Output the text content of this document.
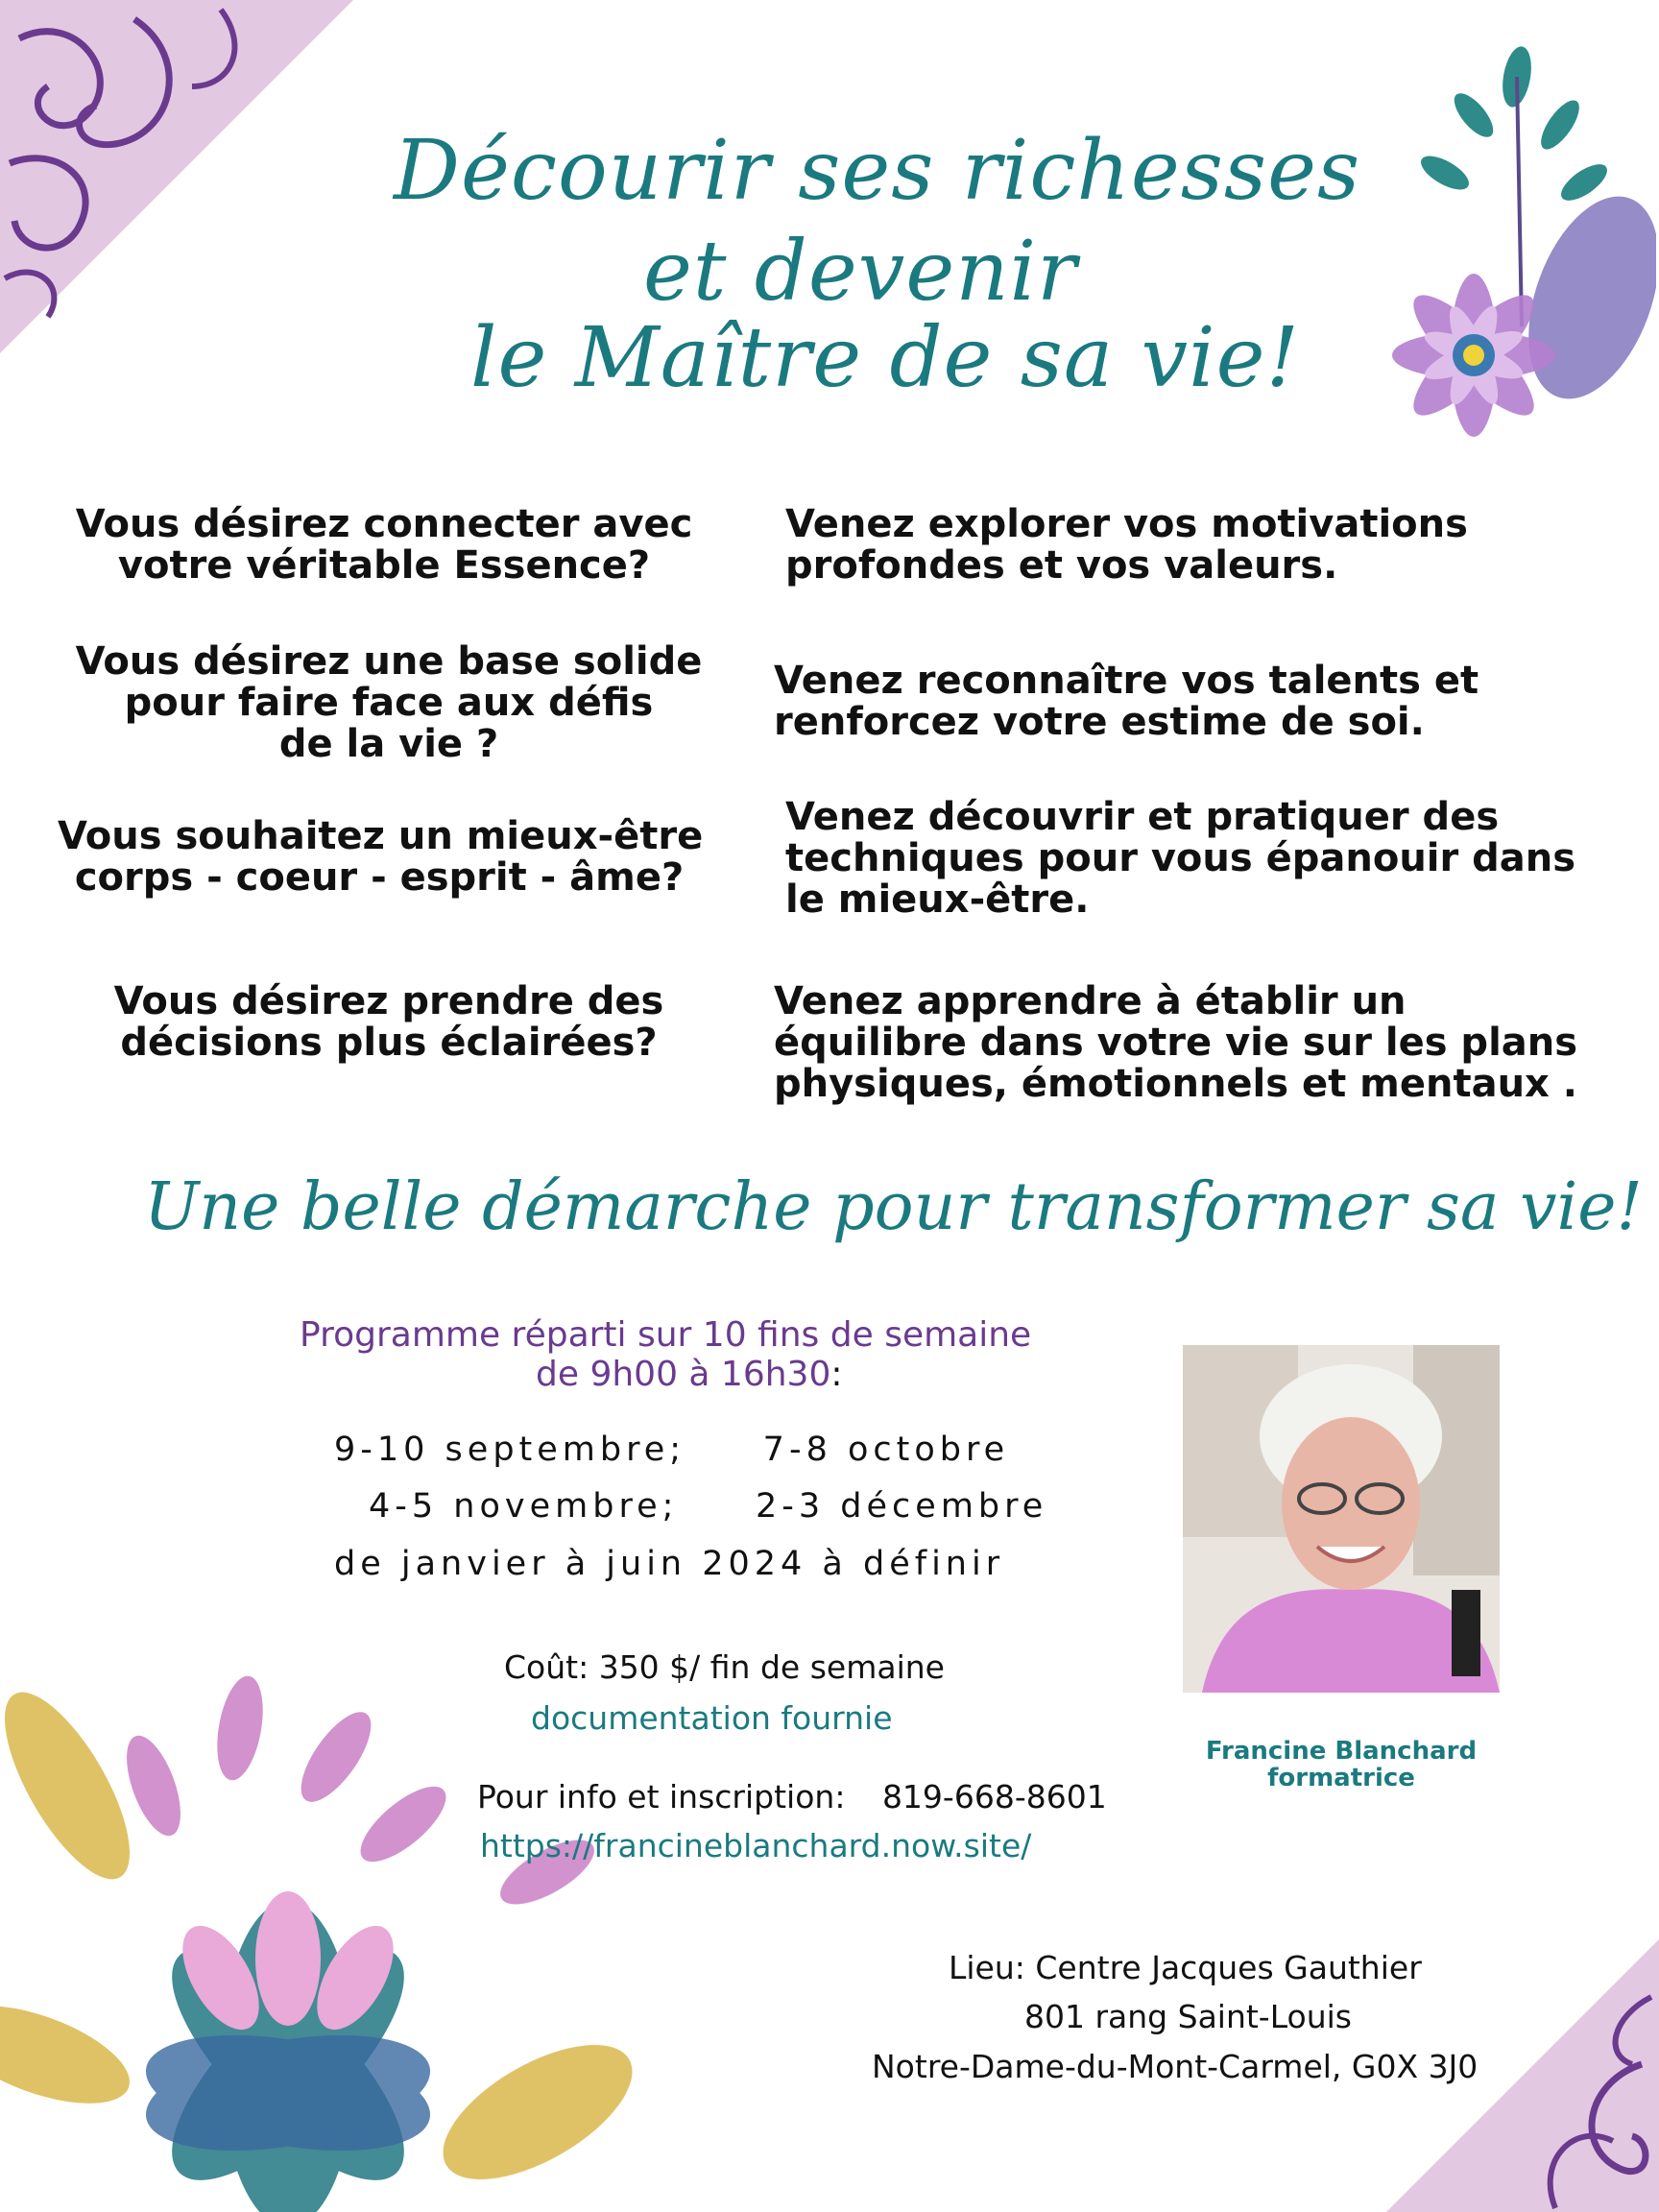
Décourir ses richesses
et devenir
le Maître de sa vie!
Vous désirez connecter avec
votre véritable Essence?
Vous désirez une base solide
pour faire face aux défis
de la vie ?
Vous souhaitez un mieux-être
corps - coeur - esprit - âme?
Vous désirez prendre des
décisions plus éclairées?
Venez explorer vos motivations
profondes et vos valeurs.
Venez reconnaître vos talents et
renforcez votre estime de soi.
Venez découvrir et pratiquer des
techniques pour vous épanouir dans
le mieux-être.
Venez apprendre à établir un
équilibre dans votre vie sur les plans
physiques, émotionnels et mentaux .
Une belle démarche pour transformer sa vie!
Programme réparti sur 10 fins de semaine
de 9h00 à 16h30:
9-10 septembre;     7-8 octobre
4-5 novembre;     2-3 décembre
de janvier à juin 2024 à définir
Coût: 350 $/ fin de semaine
documentation fournie
Pour info et inscription: 819-668-8601
https://francineblanchard.now.site/
Lieu: Centre Jacques Gauthier
801 rang Saint-Louis
Notre-Dame-du-Mont-Carmel, G0X 3J0
Francine Blanchard
formatrice
